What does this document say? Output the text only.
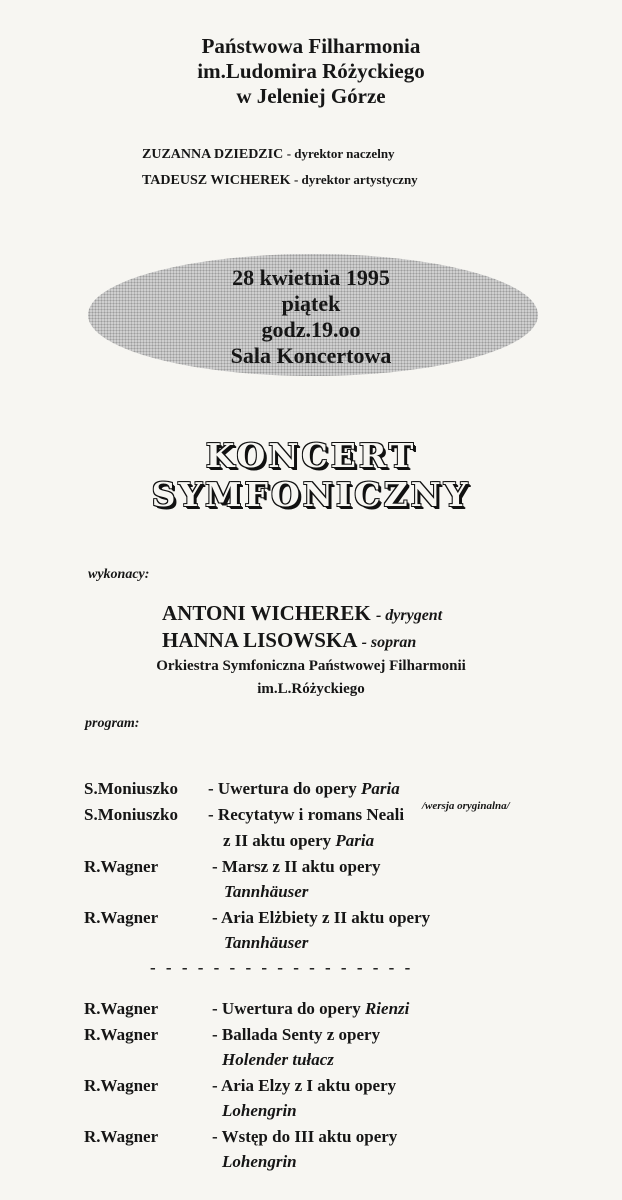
Państwowa Filharmonia
im.Ludomira Różyckiego
w Jeleniej Górze
ZUZANNA DZIEDZIC - dyrektor naczelny
TADEUSZ WICHEREK - dyrektor artystyczny
28 kwietnia 1995
piątek
godz.19.oo
Sala Koncertowa
KONCERT
SYMFONICZNY
wykonacy:
ANTONI WICHEREK - dyrygent
HANNA LISOWSKA - sopran
Orkiestra Symfoniczna Państwowej Filharmonii
im.L.Różyckiego
program:
S.Moniuszko - Uwertura do opery Paria
S.Moniuszko - Recytatyw i romans Neali /wersja oryginalna/
z II aktu opery Paria
R.Wagner	- Marsz z II aktu opery
Tannhäuser
R.Wagner	- Aria Elżbiety z II aktu opery
Tannhäuser
- - - - - - - - - - - - - - - - -
R.Wagner	- Uwertura do opery Rienzi
R.Wagner	- Ballada Senty z opery
Holender tułacz
R.Wagner	- Aria Elzy z I aktu opery
Lohengrin
R.Wagner	- Wstęp do III aktu opery
Lohengrin
